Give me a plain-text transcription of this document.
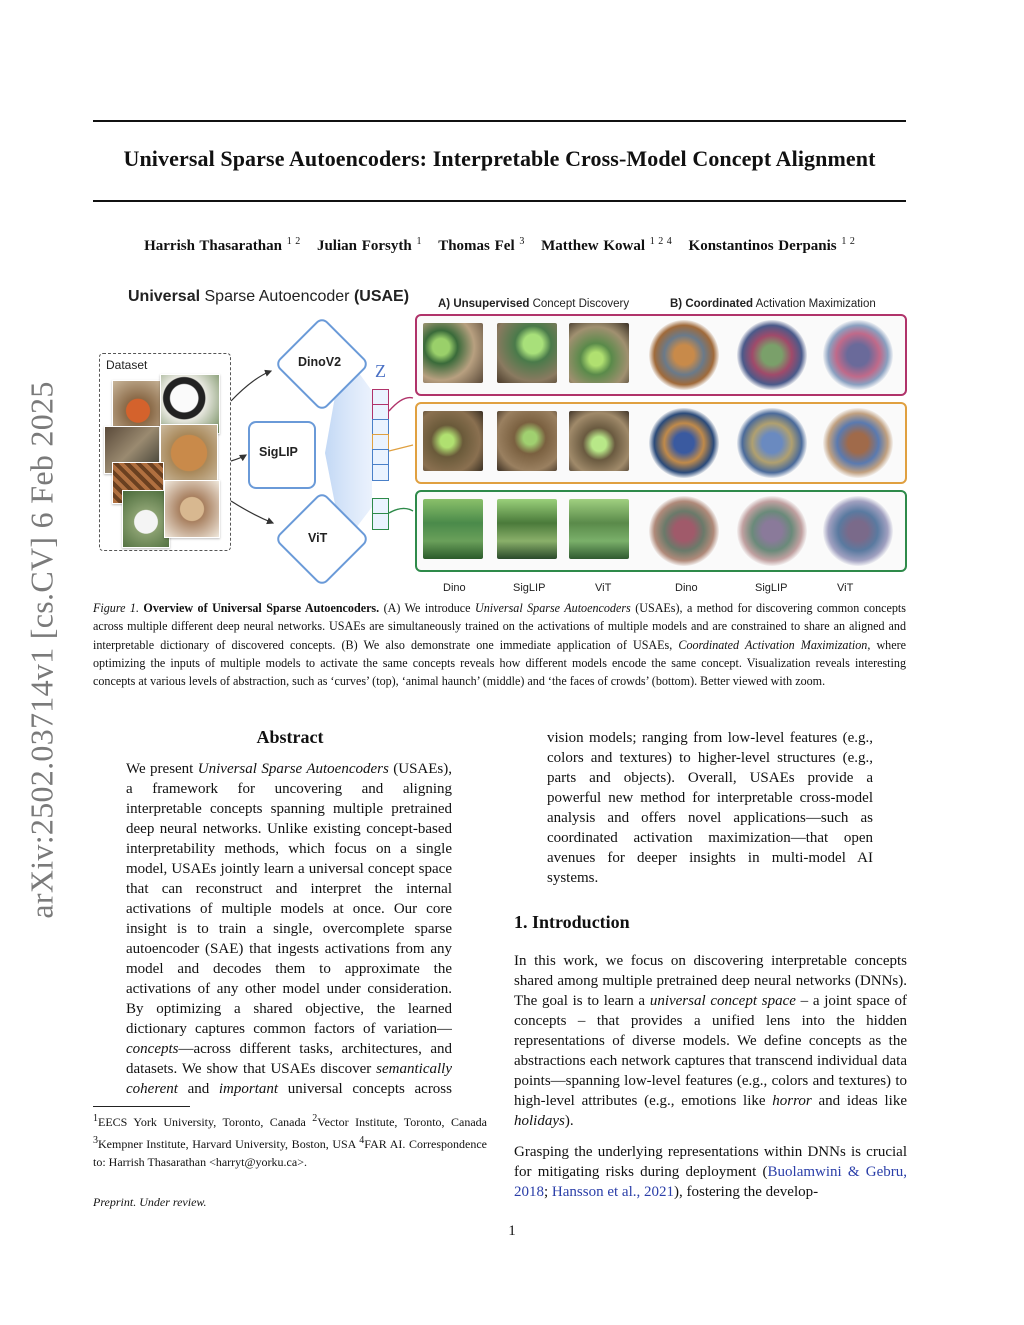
Universal Sparse Autoencoders: Interpretable Cross-Model Concept Alignment
Harrish Thasarathan $^{1 2}$ Julian Forsyth $^1$ Thomas Fel $^3$ Matthew Kowal $^{1 2 4}$ Konstantinos Derpanis $^{1 2}$
arXiv:2502.03714v1 [cs.CV] 6 Feb 2025
Universal Sparse Autoencoder (USAE)	A) Unsupervised Concept Discovery	B) Coordinated Activation Maximization
Dataset	DinoV2
SigLIP
ViT
Z
Dino	SigLIP	ViT	Dino	SigLIP	ViT
Figure 1. Overview of Universal Sparse Autoencoders. (A) We introduce Universal Sparse Autoencoders (USAEs), a method for discovering common concepts across multiple different deep neural networks. USAEs are simultaneously trained on the activations of multiple models and are constrained to share an aligned and interpretable dictionary of discovered concepts. (B) We also demonstrate one immediate application of USAEs, Coordinated Activation Maximization, where optimizing the inputs of multiple models to activate the same concepts reveals how different models encode the same concept. Visualization reveals interesting concepts at various levels of abstraction, such as ‘curves’ (top), ‘animal haunch’ (middle) and ‘the faces of crowds’ (bottom). Better viewed with zoom.
Abstract

We present Universal Sparse Autoencoders (USAEs), a framework for uncovering and aligning interpretable concepts spanning multiple pretrained deep neural networks. Unlike existing concept-based interpretability methods, which focus on a single model, USAEs jointly learn a universal concept space that can reconstruct and interpret the internal activations of multiple models at once. Our core insight is to train a single, overcomplete sparse autoencoder (SAE) that ingests activations from any model and decodes them to approximate the activations of any other model under consideration. By optimizing a shared objective, the learned dictionary captures common factors of variation—concepts—across different tasks, architectures, and datasets. We show that USAEs discover semantically coherent and important universal concepts across

vision models; ranging from low-level features (e.g., colors and textures) to higher-level structures (e.g., parts and objects). Overall, USAEs provide a powerful new method for interpretable cross-model analysis and offers novel applications—such as coordinated activation maximization—that open avenues for deeper insights in multi-model AI systems.
$^1$EECS York University, Toronto, Canada $^2$Vector Institute, Toronto, Canada $^3$Kempner Institute, Harvard University, Boston, USA $^4$FAR AI. Correspondence to: Harrish Thasarathan <harryt@yorku.ca>.
Preprint. Under review.
1. Introduction

In this work, we focus on discovering interpretable concepts shared among multiple pretrained deep neural networks (DNNs). The goal is to learn a universal concept space – a joint space of concepts – that provides a unified lens into the hidden representations of diverse models. We define concepts as the abstractions each network captures that transcend individual data points—spanning low-level features (e.g., colors and textures) to high-level attributes (e.g., emotions like horror and ideas like holidays).

Grasping the underlying representations within DNNs is crucial for mitigating risks during deployment (Buolamwini & Gebru, 2018; Hansson et al., 2021), fostering the develop-

1
